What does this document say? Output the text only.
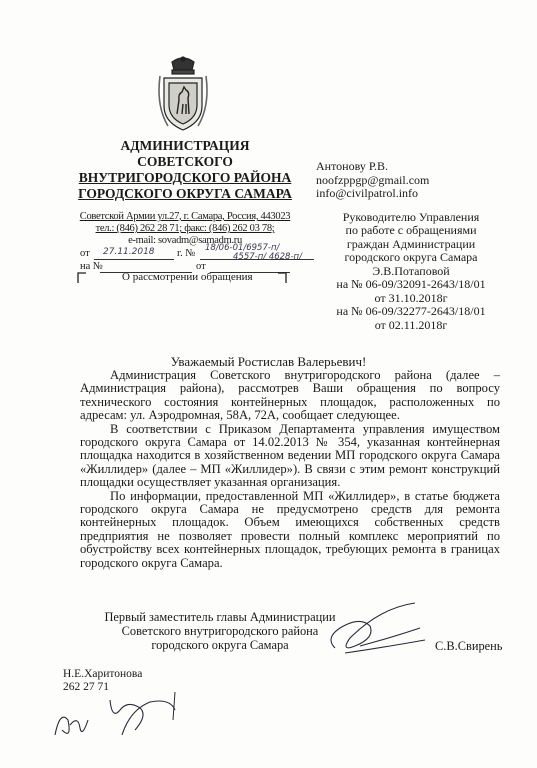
АДМИНИСТРАЦИЯ
СОВЕТСКОГО
ВНУТРИГОРОДСКОГО РАЙОНА
ГОРОДСКОГО ОКРУГА САМАРА
Советской Армии ул.27, г. Самара, Россия, 443023
тел.: (846) 262 28 71; факс: (846) 262 03 78;
e-mail: sovadm@samadm.ru
от 27.11.2018 г. № 18/06-01/6957-п/
4557-п/ 4628-п/
на №	от
О рассмотрении обращения
Антонову Р.В.
noofzppgp@gmail.com
info@civilpatrol.info
Руководителю Управления
по работе с обращениями
граждан Администрации
городского округа Самара
Э.В.Потаповой
на № 06-09/32091-2643/18/01
от 31.10.2018г
на № 06-09/32277-2643/18/01
от 02.11.2018г
Уважаемый Ростислав Валерьевич!

Администрация Советского внутригородского района (далее – Администрация района), рассмотрев Ваши обращения по вопросу технического состояния контейнерных площадок, расположенных по адресам: ул. Аэродромная, 58А, 72А, сообщает следующее.

В соответствии с Приказом Департамента управления имуществом городского округа Самара от 14.02.2013 № 354, указанная контейнерная площадка находится в хозяйственном ведении МП городского округа Самара «Жиллидер» (далее – МП «Жиллидер»). В связи с этим ремонт конструкций площадки осуществляет указанная организация.

По информации, предоставленной МП «Жиллидер», в статье бюджета городского округа Самара не предусмотрено средств для ремонта контейнерных площадок. Объем имеющихся собственных средств предприятия не позволяет провести полный комплекс мероприятий по обустройству всех контейнерных площадок, требующих ремонта в границах городского округа Самара.

Первый заместитель главы Администрации
Советского внутригородского района
городского округа Самара	С.В.Свирень
Н.Е.Харитонова
262 27 71
